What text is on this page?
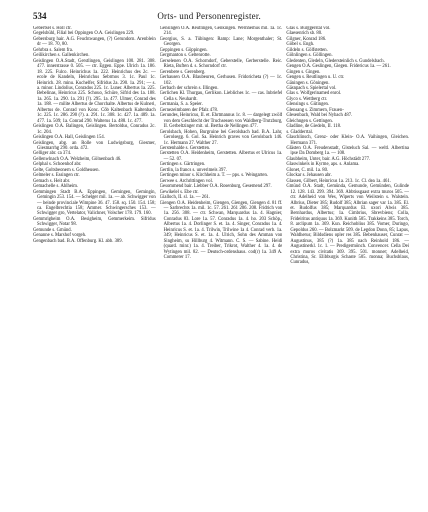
534	Orts- und Personenregister.

Gebertsel s. Holl ctr.

Gegelsbühl, Filial bei Oppingen O.A. Geislingen 229.

Gebersburg hair. A.G. Feuchtwangen, (?) Gerundorn. Arenblein dr — 18. 70, 80.

Gehrbra s. Salem fra.

Geilikirchen s. Gallenkirchen.

Geislingen O.A.Stadt, Gerstlingen, Geislingen 100. 281. 308. 477. innerstrasse 0. 505. — ctr. Eggen. Eppe. Ulrich 1a. 186. 18. 225. Fulco. Heinrichus 1a. 222. Heinrichus des 2c. — ecole de Kandeln, Heinrichus Sebrmos 3. 1c. Paul 1c. Heinrich. 28. minu. Kuchelfer, Sifridus 2a. 290. 1a. 291; — s. a. minor. Lindolius, Conrados 225. 1c. Luner. Albertus 1a. 225. Bebelinas, Heinricus 225. Schouo, Schüre, Sifrid des 1a. 188. 1a. 265. 1a. 290. 1a. 291 (?). 295. 1a. 477. Ulmer, Conrad des 1a. 188. — milite Albertus de Chorchalte. Albertus de Kulneri, Albertus de. Conrad von Konc. Cöb Kaltenbach Kaltenbach 1c. 225. 1c. 286. 290 (?). a. 291. 1c. 308. 1c. 427. 1a. 489. 1a. 477. 1a. 509; 1a. Conrad 290. Walterus 1a. 488. 1c. 477.

Geislingen O.A. Balingen, Geislingen. Bertoldus, Conradus 2c. 1c. 204.

Geislingen O.A. Hall, Geislingen 154.

Geislingen, abg. an Rolle von Ludwigsburg, Giesmer, Giesmarrhg 290. orda. 472.

Gelliger abr. ca 374.

Gellenwlnach O.A. Welzheim, Gölnenbach 46.

Gelphal s. Schoenhof abr.

Gelte, Goltsbeonern s. Goldheusen.

Gelmeler s. Essingen ctr.

Gemach s. Heit abr.

Gemachelle s. Ahlheim.

Gemmingen Stadt B.A. Eppingen, Gemingen, Gemingin, Gemingin 253. 154. — Schelger mil. 1a. — ab. Schwigger von — beinde provinciale Wimpine 36. 47. 158. sq. 150. 154. 158; ca. Engelbrechtia 158; Ammer. Schwingersches 153. — Schwigger gro, Vertelator, Valichner, Volscher 178. 179. 160.

Gemmrigheim O.A. Besigheim, Gemmerkeim. Sifridus Schwigger, Notar 98.

Gemunde s. Gmünd.

Genanne s. Marshof vorgeh.

Gengenbach bad. B.A. Offenburg. Kl. abb. 389.

Gensingen O.A. Reutlingen, Genkingen. Wernhemus mil. 1a. 1c. 214.

Georgius, S. a. Tübingen: Ramp: Lane; Morgenthaler; St. Georgen.

Geppingen s. Göppingen.

Gergmanton s. Geltenrotte.

Gerselenen O.A. Schorndorf, Geberstelle, Gerberstelle. Reic. Rieta, Buften d. s. Schorndorf ctr.

Gerenbere s. Gerenberg.

Gerhausen O.A. Blaubeuren, Gerhusen. Fridoricheta (?) — 1c. 102.

Gerbach der schrein s. Illingen.

Gerlichen Kl. Thurgau, Gerlikon. Liebliches 1c. — cas. Inbriefel Cella s. Neuhardt.

Germania, S. a. Speier.

Gernezeimbaren der Pfalz 478.

Gerundes, Heinricus, II. et. Ehrtmannus 1c. 8. — dargelegt zwölf von dem Geschlecht der Truchsessen von Waldberg-Trutzburg, II. Gerbeltzinger mit. ul. Bertha de Nellingen 477.

Gerolsbach, Hohen, Burgruine bei Gerolsbach bad. B.A. Lahr, Gerolsegg. 6. Gol. Sa. Heinrich graves von Gerolsbach 146. 1c. Hermann 27. Walther 27.

Gerstenhalde s. Gerstetten.

Gerstetten O.A. Heidenheim, Gerstetten. Albertus et Ulricus 1a. — 52. 07.

Gertingen s. Gärtringen.

Gertlin, la francs s. unverimels 397.

Gertingen minor s. Kirchheim a. T. — pps. s. Weingarten.

Gerwee s. Archrittingen vol.

Gesommend bair. Liebber O.A. Rosenburg, Gesemend 297.

Gewikelel s. Ebe ctr.

Gialloch, II. sl. 1a. — 261.

Giengen O.A. Heidenheim, Giengen, Giengen, Giengen d. 81 ff. — Sarbrechts 1a. mil. 1c. 57. 261. 261 206. 208. Fridrich von 1a. 256. 308. — ctr. Schwan, Marquardus 1a. 4. Hagnier, Conradus 83. Lore 1a. 57. Conradus 1a. 4. ho. 203 Schöp., Albertus 1a. 4. Dorlinger S. et. 1a. 4. Singer, Conradus 1a. 4. Heinricus S. et. 1a. 4. Trilwin, Trilwine 1a 4. Conrad verb. 1a. 349; Heinricus S. et. 1a. 4. Ulrich, Sohn des Amman von Singheim, su Hillburg 4. Witmann. C. S. — Sabine. Heidi (quard. minr.) 1a. 4. Treiber, Trikrot, Walther 4. 1a. 4. de Wytingen mil. 82. — Deutsch-ordenshaus. cod(r) 1a. 349 A. Commerer 17.

Glas s. Burggerstal vol.

Glaesenrich sb. 80.

Gilgner, Konrad 186.

Göbel s. Engh.

Gildeln s. Gölfstetten.

Gölnlingen s. Göllingen.

Gledenten, Gledeln, Gledersteinlich s. Gundelsbach.

Gengen O.A. Geslingen, Giegen. Fridericus 1a. — 261.

Gingen s. Gingen.

Gengen s. Reutlingen u. U. ctr.

Gäningen s. Göningen.

Gäsnpach s. Spielertal vol.

Glas s. Wolfgerinamed enrol.

Glyco s. Wettberg ctr.

Glensings s. Gütingen.

Glensang s. Zimmern, Frauen-

Glesenbach, Wald bei Nybach 487.

Gleichngen s. Gettingen.

Gladline, de Giedeln, II. 118.

s. Gladderrtal.

Glaschlinsch, Grenz- oder Klein- O.A. Vaihingen, Gleichen. Hermann 371.

Glästen O.A. Freudenstadt, Glsteluch Sal. — weltl. Albertina ipse Da Domberg 1a. — 108.

Glaubheim, Unter, bair. A.G. Höchstädt 277.

Glaswinkels in Kyrme, aps. s. Anlama.

Glonet, C. mil. 1a. 80.

Glockar s. Jehausen abr.

Glassen, Gilbert, Heinricus 1a. 213. 1c. Cl. dea 1a. 461.

Gmünd O.A. Stadt, Gemünda, Gemunde, Gemünden, Gulinde 12. 128. 143. 299. 394. 369. Abbtissgaast extra muros 505. — ctr. Adelheid von Wes, Wiperts von Weilstein s. Walstein. Albrius, Dieter 385; Rudolf 385; Albrian sager var 1a. 385. El. et. Rudolfus 385; Marquardus El. uxori Alwis 385. Bernhardus, Albertus; 1a. Cimbrius, Sbrevbiens; Colla, Frideiritus antiquus 1a. 369. Kunith 505. Trakkeins 385. Torch, 8. arclipum 1a. 369. Kun. Reichoblius 385. Vomer, Duringo, Gepoldus 260. — Bolzmarkt 509. de Legdon Donn, 85; Lapus, Waldherus; Bildsdiens opler res 385. Bebenhauser, Cunrat — Augustinus, 385 (?) 1a. 385 nach Reinhold 186. — Augustinerkl. 1c. 1. — Predigermönch. Convencer. Cella Dei extra muros civitatis 369. 395. 501. monner; Adelheid, Christina, Sr. Elibburgis Schaste 505. monna; Buchsblaus, Cunradus,
